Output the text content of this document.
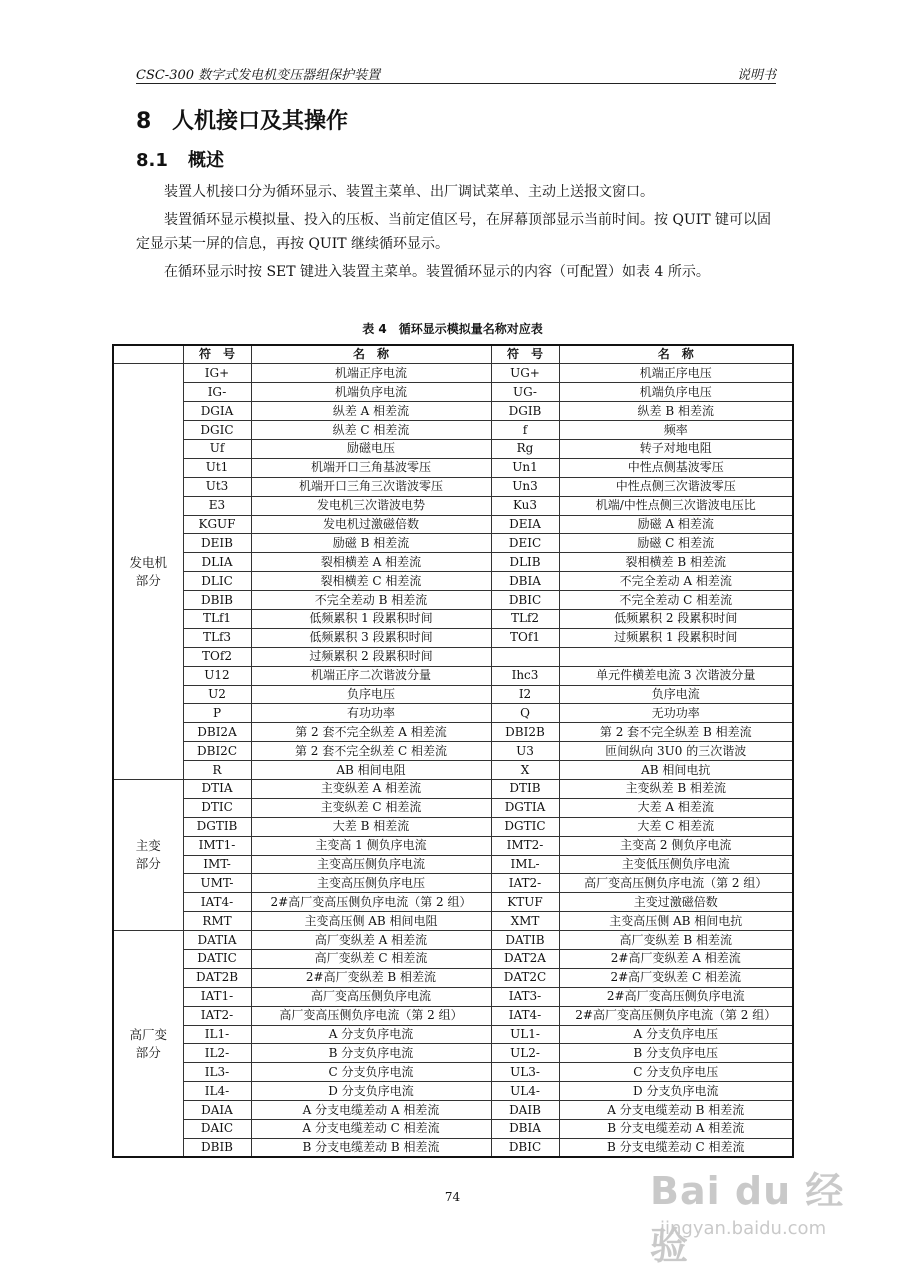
CSC-300 数字式发电机变压器组保护装置	说明书
8 人机接口及其操作
8.1 概述

装置人机接口分为循环显示、装置主菜单、出厂调试菜单、主动上送报文窗口。

装置循环显示模拟量、投入的压板、当前定值区号，在屏幕顶部显示当前时间。按 QUIT 键可以固定显示某一屏的信息，再按 QUIT 继续循环显示。

在循环显示时按 SET 键进入装置主菜单。装置循环显示的内容（可配置）如表 4 所示。

表 4　循环显示模拟量名称对应表
	符　号	名　称	符　号	名　称
发电机
部分	IG+	机端正序电流	UG+	机端正序电压
	IG-	机端负序电流	UG-	机端负序电压
	DGIA	纵差 A 相差流	DGIB	纵差 B 相差流
	DGIC	纵差 C 相差流	f	频率
	Uf	励磁电压	Rg	转子对地电阻
	Ut1	机端开口三角基波零压	Un1	中性点侧基波零压
	Ut3	机端开口三角三次谐波零压	Un3	中性点侧三次谐波零压
	E3	发电机三次谐波电势	Ku3	机端/中性点侧三次谐波电压比
	KGUF	发电机过激磁倍数	DEIA	励磁 A 相差流
	DEIB	励磁 B 相差流	DEIC	励磁 C 相差流
	DLIA	裂相横差 A 相差流	DLIB	裂相横差 B 相差流
	DLIC	裂相横差 C 相差流	DBIA	不完全差动 A 相差流
	DBIB	不完全差动 B 相差流	DBIC	不完全差动 C 相差流
	TLf1	低频累积 1 段累积时间	TLf2	低频累积 2 段累积时间
	TLf3	低频累积 3 段累积时间	TOf1	过频累积 1 段累积时间
	TOf2	过频累积 2 段累积时间		
	U12	机端正序二次谐波分量	Ihc3	单元件横差电流 3 次谐波分量
	U2	负序电压	I2	负序电流
	P	有功功率	Q	无功功率
	DBI2A	第 2 套不完全纵差 A 相差流	DBI2B	第 2 套不完全纵差 B 相差流
	DBI2C	第 2 套不完全纵差 C 相差流	U3	匝间纵向 3U0 的三次谐波
	R	AB 相间电阻	X	AB 相间电抗
主变
部分	DTIA	主变纵差 A 相差流	DTIB	主变纵差 B 相差流
	DTIC	主变纵差 C 相差流	DGTIA	大差 A 相差流
	DGTIB	大差 B 相差流	DGTIC	大差 C 相差流
	IMT1-	主变高 1 侧负序电流	IMT2-	主变高 2 侧负序电流
	IMT-	主变高压侧负序电流	IML-	主变低压侧负序电流
	UMT-	主变高压侧负序电压	IAT2-	高厂变高压侧负序电流（第 2 组）
	IAT4-	2#高厂变高压侧负序电流（第 2 组）	KTUF	主变过激磁倍数
	RMT	主变高压侧 AB 相间电阻	XMT	主变高压侧 AB 相间电抗
高厂变
部分	DATIA	高厂变纵差 A 相差流	DATIB	高厂变纵差 B 相差流
	DATIC	高厂变纵差 C 相差流	DAT2A	2#高厂变纵差 A 相差流
	DAT2B	2#高厂变纵差 B 相差流	DAT2C	2#高厂变纵差 C 相差流
	IAT1-	高厂变高压侧负序电流	IAT3-	2#高厂变高压侧负序电流
	IAT2-	高厂变高压侧负序电流（第 2 组）	IAT4-	2#高厂变高压侧负序电流（第 2 组）
	IL1-	A 分支负序电流	UL1-	A 分支负序电压
	IL2-	B 分支负序电流	UL2-	B 分支负序电压
	IL3-	C 分支负序电流	UL3-	C 分支负序电压
	IL4-	D 分支负序电流	UL4-	D 分支负序电流
	DAIA	A 分支电缆差动 A 相差流	DAIB	A 分支电缆差动 B 相差流
	DAIC	A 分支电缆差动 C 相差流	DBIA	B 分支电缆差动 A 相差流
	DBIB	B 分支电缆差动 B 相差流	DBIC	B 分支电缆差动 C 相差流
74	Bai du 经验
jingyan.baidu.com
